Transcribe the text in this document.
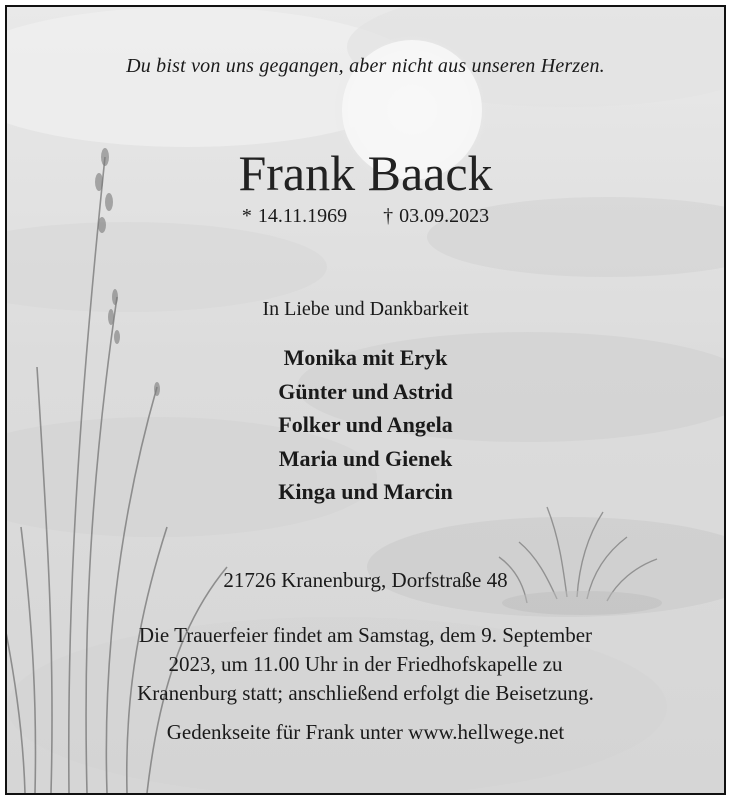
Du bist von uns gegangen, aber nicht aus unseren Herzen.
Frank Baack
* 14.11.1969 † 03.09.2023
In Liebe und Dankbarkeit
Monika mit Eryk
Günter und Astrid
Folker und Angela
Maria und Gienek
Kinga und Marcin
21726 Kranenburg, Dorfstraße 48
Die Trauerfeier findet am Samstag, dem 9. September
2023, um 11.00 Uhr in der Friedhofskapelle zu
Kranenburg statt; anschließend erfolgt die Beisetzung.
Gedenkseite für Frank unter www.hellwege.net
